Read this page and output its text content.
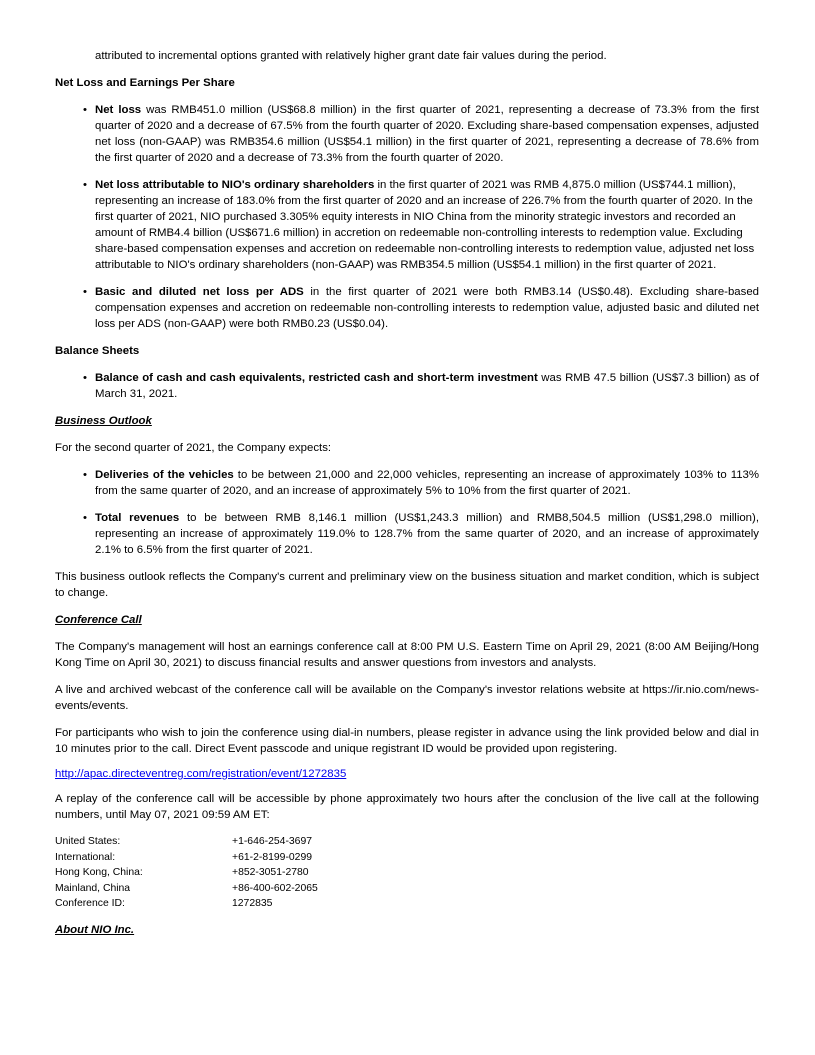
attributed to incremental options granted with relatively higher grant date fair values during the period.

Net Loss and Earnings Per Share

• Net loss was RMB451.0 million (US$68.8 million) in the first quarter of 2021, representing a decrease of 73.3% from the first quarter of 2020 and a decrease of 67.5% from the fourth quarter of 2020. Excluding share-based compensation expenses, adjusted net loss (non-GAAP) was RMB354.6 million (US$54.1 million) in the first quarter of 2021, representing a decrease of 78.6% from the first quarter of 2020 and a decrease of 73.3% from the fourth quarter of 2020.
• Net loss attributable to NIO's ordinary shareholders in the first quarter of 2021 was RMB 4,875.0 million (US$744.1 million), representing an increase of 183.0% from the first quarter of 2020 and an increase of 226.7% from the fourth quarter of 2020. In the first quarter of 2021, NIO purchased 3.305% equity interests in NIO China from the minority strategic investors and recorded an amount of RMB4.4 billion (US$671.6 million) in accretion on redeemable non-controlling interests to redemption value. Excluding share-based compensation expenses and accretion on redeemable non-controlling interests to redemption value, adjusted net loss attributable to NIO's ordinary shareholders (non-GAAP) was RMB354.5 million (US$54.1 million) in the first quarter of 2021.
• Basic and diluted net loss per ADS in the first quarter of 2021 were both RMB3.14 (US$0.48). Excluding share-based compensation expenses and accretion on redeemable non-controlling interests to redemption value, adjusted basic and diluted net loss per ADS (non-GAAP) were both RMB0.23 (US$0.04).

Balance Sheets

• Balance of cash and cash equivalents, restricted cash and short-term investment was RMB 47.5 billion (US$7.3 billion) as of March 31, 2021.

Business Outlook

For the second quarter of 2021, the Company expects:

• Deliveries of the vehicles to be between 21,000 and 22,000 vehicles, representing an increase of approximately 103% to 113% from the same quarter of 2020, and an increase of approximately 5% to 10% from the first quarter of 2021.
• Total revenues to be between RMB 8,146.1 million (US$1,243.3 million) and RMB8,504.5 million (US$1,298.0 million), representing an increase of approximately 119.0% to 128.7% from the same quarter of 2020, and an increase of approximately 2.1% to 6.5% from the first quarter of 2021.

This business outlook reflects the Company's current and preliminary view on the business situation and market condition, which is subject to change.

Conference Call

The Company's management will host an earnings conference call at 8:00 PM U.S. Eastern Time on April 29, 2021 (8:00 AM Beijing/Hong Kong Time on April 30, 2021) to discuss financial results and answer questions from investors and analysts.

A live and archived webcast of the conference call will be available on the Company's investor relations website at https://ir.nio.com/news-events/events.

For participants who wish to join the conference using dial-in numbers, please register in advance using the link provided below and dial in 10 minutes prior to the call. Direct Event passcode and unique registrant ID would be provided upon registering.

http://apac.directeventreg.com/registration/event/1272835

A replay of the conference call will be accessible by phone approximately two hours after the conclusion of the live call at the following numbers, until May 07, 2021 09:59 AM ET:

United States:	+1-646-254-3697
International:	+61-2-8199-0299
Hong Kong, China:	+852-3051-2780
Mainland, China	+86-400-602-2065
Conference ID:	1272835

About NIO Inc.
